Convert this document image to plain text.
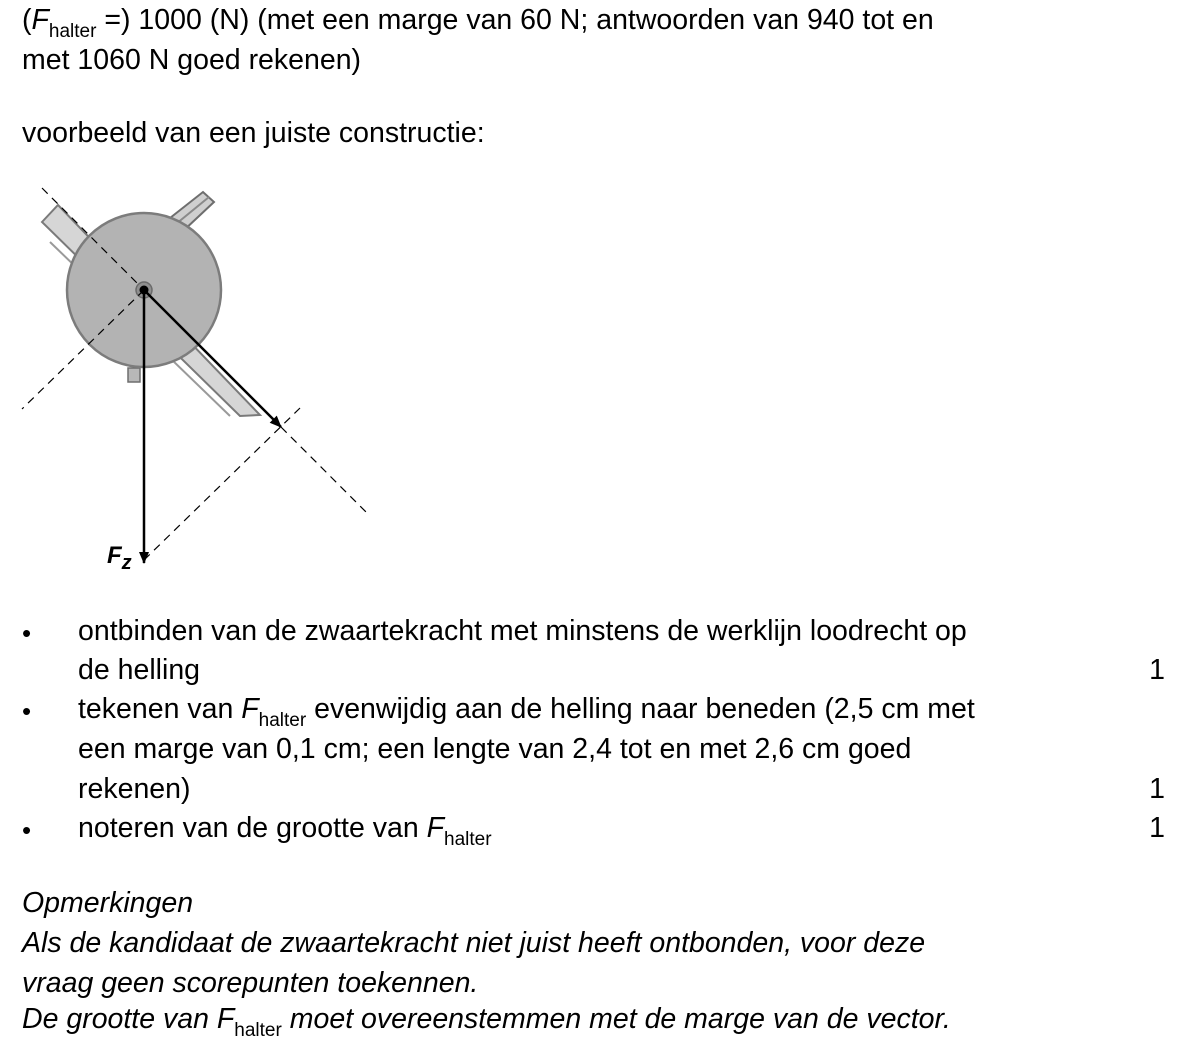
($F_{halter}$ =) 1000 (N) (met een marge van 60 N; antwoorden van 940 tot en
met 1060 N goed rekenen)
voorbeeld van een juiste constructie:
$F_z$
• ontbinden van de zwaartekracht met minstens de werklijn loodrecht op
de helling	1
• tekenen van $F_{halter}$ evenwijdig aan de helling naar beneden (2,5 cm met
een marge van 0,1 cm; een lengte van 2,4 tot en met 2,6 cm goed
rekenen)	1
• noteren van de grootte van $F_{halter}$	1
Opmerkingen
Als de kandidaat de zwaartekracht niet juist heeft ontbonden, voor deze
vraag geen scorepunten toekennen.
De grootte van $F_{halter}$ moet overeenstemmen met de marge van de vector.
